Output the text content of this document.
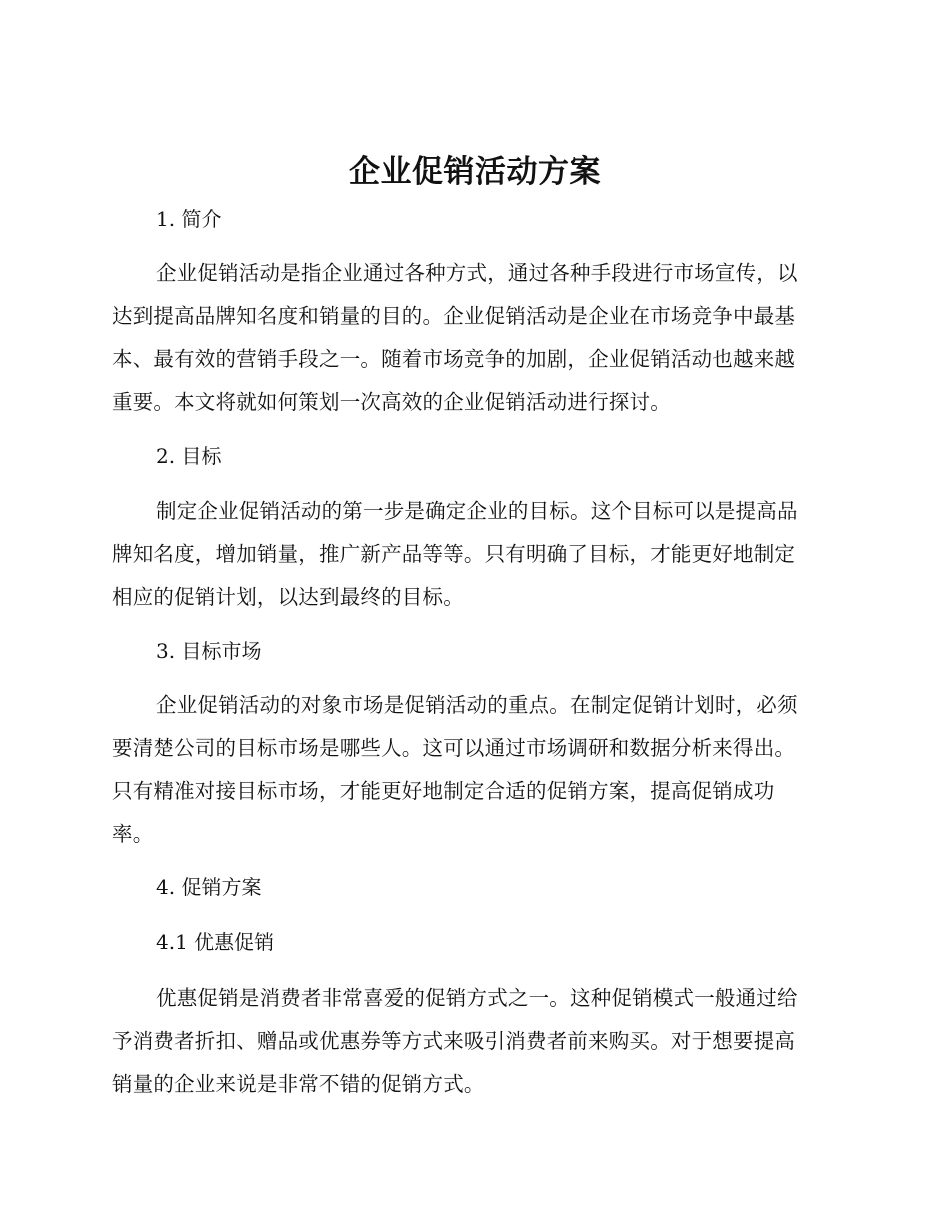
企业促销活动方案
1. 简介
企业促销活动是指企业通过各种方式，通过各种手段进行市场宣传，以
达到提高品牌知名度和销量的目的。企业促销活动是企业在市场竞争中最基
本、最有效的营销手段之一。随着市场竞争的加剧，企业促销活动也越来越
重要。本文将就如何策划一次高效的企业促销活动进行探讨。
2. 目标
制定企业促销活动的第一步是确定企业的目标。这个目标可以是提高品
牌知名度，增加销量，推广新产品等等。只有明确了目标，才能更好地制定
相应的促销计划，以达到最终的目标。
3. 目标市场
企业促销活动的对象市场是促销活动的重点。在制定促销计划时，必须
要清楚公司的目标市场是哪些人。这可以通过市场调研和数据分析来得出。
只有精准对接目标市场，才能更好地制定合适的促销方案，提高促销成功
率。
4. 促销方案
4.1 优惠促销
优惠促销是消费者非常喜爱的促销方式之一。这种促销模式一般通过给
予消费者折扣、赠品或优惠券等方式来吸引消费者前来购买。对于想要提高
销量的企业来说是非常不错的促销方式。
